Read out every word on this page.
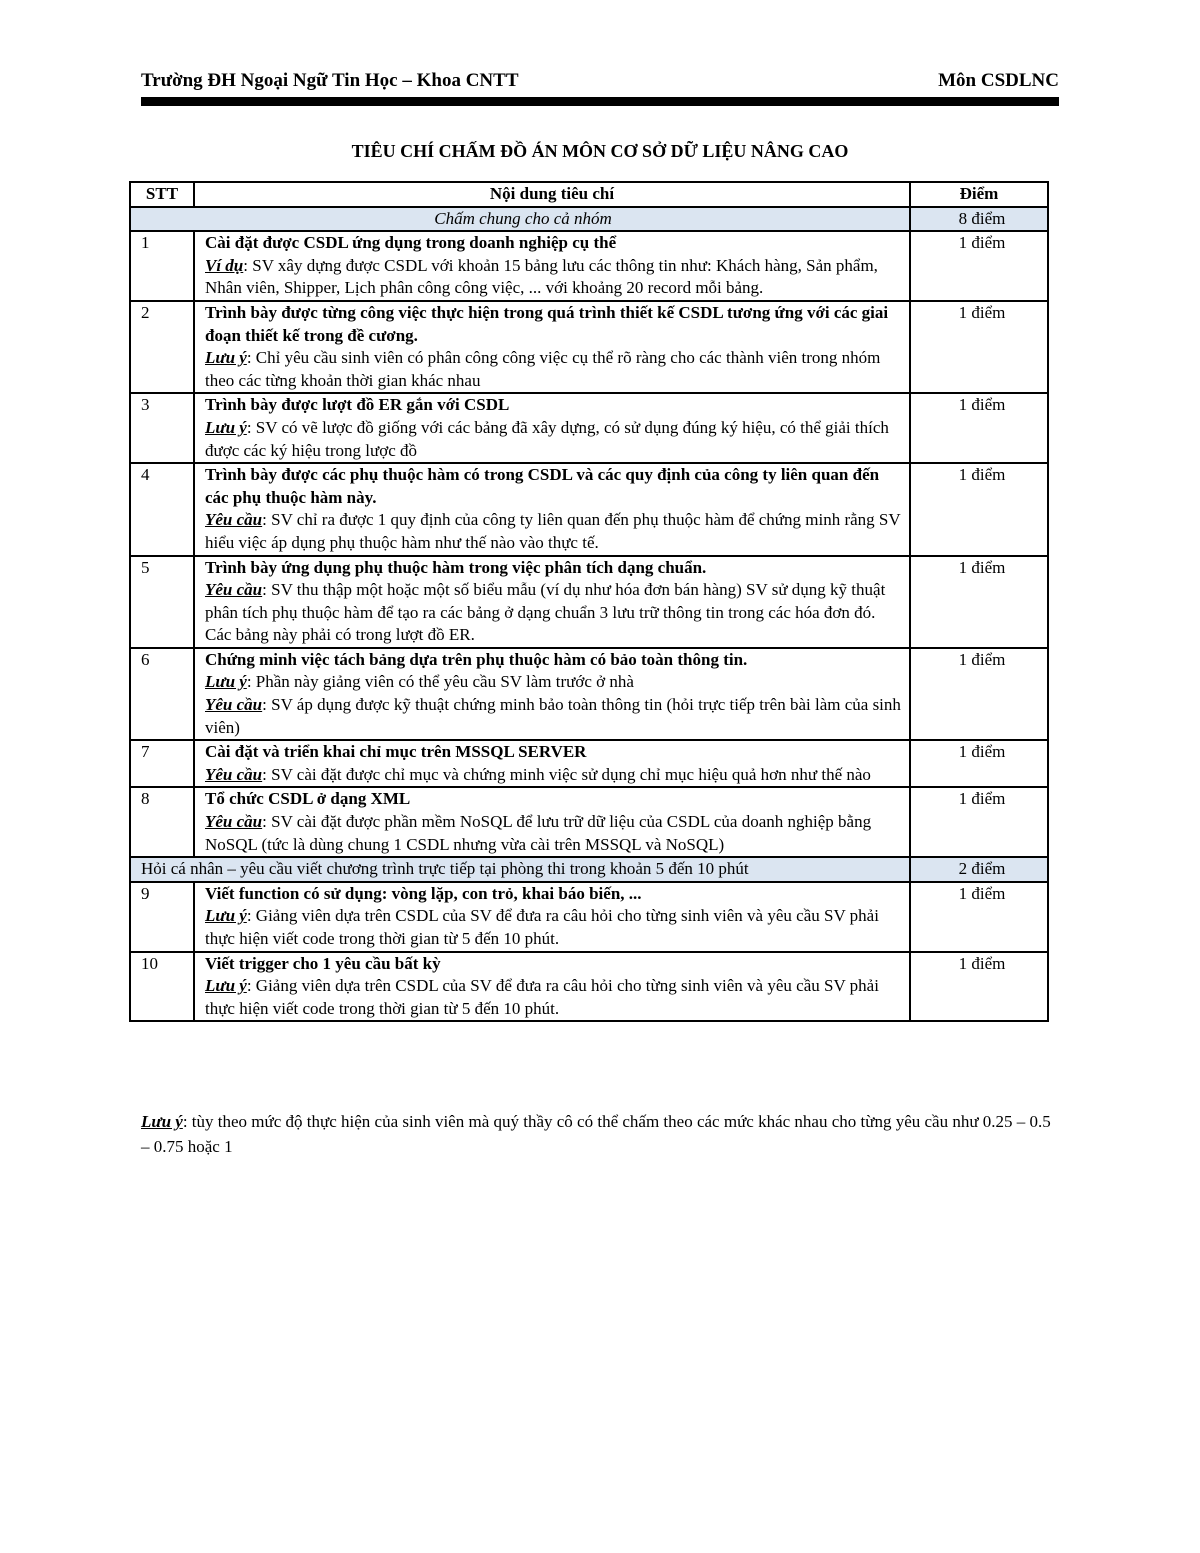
Trường ĐH Ngoại Ngữ Tin Học – Khoa CNTT	Môn CSDLNC
TIÊU CHÍ CHẤM ĐỒ ÁN MÔN CƠ SỞ DỮ LIỆU NÂNG CAO
STT	Nội dung tiêu chí	Điểm
Chấm chung cho cả nhóm		8 điểm
1	Cài đặt được CSDL ứng dụng trong doanh nghiệp cụ thể
Ví dụ: SV xây dựng được CSDL với khoản 15 bảng lưu các thông tin như: Khách hàng, Sản phẩm, Nhân viên, Shipper, Lịch phân công công việc, ... với khoảng 20 record mỗi bảng.	1 điểm
2	Trình bày được từng công việc thực hiện trong quá trình thiết kế CSDL tương ứng với các giai đoạn thiết kế trong đề cương.
Lưu ý: Chỉ yêu cầu sinh viên có phân công công việc cụ thể rõ ràng cho các thành viên trong nhóm theo các từng khoản thời gian khác nhau	1 điểm
3	Trình bày được lượt đồ ER gắn với CSDL
Lưu ý: SV có vẽ lược đồ giống với các bảng đã xây dựng, có sử dụng đúng ký hiệu, có thể giải thích được các ký hiệu trong lược đồ	1 điểm
4	Trình bày được các phụ thuộc hàm có trong CSDL và các quy định của công ty liên quan đến các phụ thuộc hàm này.
Yêu cầu: SV chỉ ra được 1 quy định của công ty liên quan đến phụ thuộc hàm để chứng minh rằng SV hiểu việc áp dụng phụ thuộc hàm như thế nào vào thực tế.	1 điểm
5	Trình bày ứng dụng phụ thuộc hàm trong việc phân tích dạng chuẩn.
Yêu cầu: SV thu thập một hoặc một số biểu mẫu (ví dụ như hóa đơn bán hàng) SV sử dụng kỹ thuật phân tích phụ thuộc hàm để tạo ra các bảng ở dạng chuẩn 3 lưu trữ thông tin trong các hóa đơn đó. Các bảng này phải có trong lượt đồ ER.	1 điểm
6	Chứng minh việc tách bảng dựa trên phụ thuộc hàm có bảo toàn thông tin.
Lưu ý: Phần này giảng viên có thể yêu cầu SV làm trước ở nhà
Yêu cầu: SV áp dụng được kỹ thuật chứng minh bảo toàn thông tin (hỏi trực tiếp trên bài làm của sinh viên)	1 điểm
7	Cài đặt và triển khai chỉ mục trên MSSQL SERVER
Yêu cầu: SV cài đặt được chỉ mục và chứng minh việc sử dụng chỉ mục hiệu quả hơn như thế nào	1 điểm
8	Tổ chức CSDL ở dạng XML
Yêu cầu: SV cài đặt được phần mềm NoSQL để lưu trữ dữ liệu của CSDL của doanh nghiệp bằng NoSQL (tức là dùng chung 1 CSDL nhưng vừa cài trên MSSQL và NoSQL)	1 điểm
Hỏi cá nhân – yêu cầu viết chương trình trực tiếp tại phòng thi trong khoản 5 đến 10 phút		2 điểm
9	Viết function có sử dụng: vòng lặp, con trỏ, khai báo biến, ...
Lưu ý: Giảng viên dựa trên CSDL của SV để đưa ra câu hỏi cho từng sinh viên và yêu cầu SV phải thực hiện viết code trong thời gian từ 5 đến 10 phút.	1 điểm
10	Viết trigger cho 1 yêu cầu bất kỳ
Lưu ý: Giảng viên dựa trên CSDL của SV để đưa ra câu hỏi cho từng sinh viên và yêu cầu SV phải thực hiện viết code trong thời gian từ 5 đến 10 phút.	1 điểm
Lưu ý: tùy theo mức độ thực hiện của sinh viên mà quý thầy cô có thể chấm theo các mức khác nhau cho từng yêu cầu như 0.25 – 0.5 – 0.75 hoặc 1
